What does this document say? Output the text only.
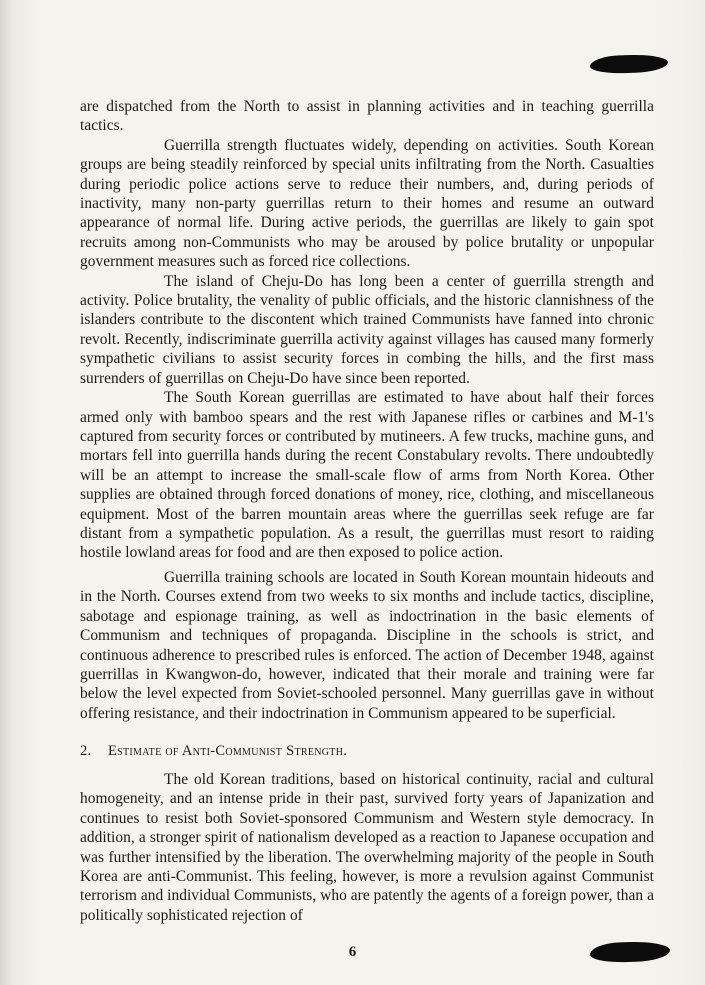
are dispatched from the North to assist in planning activities and in teaching guerrilla tactics.

Guerrilla strength fluctuates widely, depending on activities. South Korean groups are being steadily reinforced by special units infiltrating from the North. Casualties during periodic police actions serve to reduce their numbers, and, during periods of inactivity, many non-party guerrillas return to their homes and resume an outward appearance of normal life. During active periods, the guerrillas are likely to gain spot recruits among non-Communists who may be aroused by police brutality or unpopular government measures such as forced rice collections.

The island of Cheju-Do has long been a center of guerrilla strength and activity. Police brutality, the venality of public officials, and the historic clannishness of the islanders contribute to the discontent which trained Communists have fanned into chronic revolt. Recently, indiscriminate guerrilla activity against villages has caused many formerly sympathetic civilians to assist security forces in combing the hills, and the first mass surrenders of guerrillas on Cheju-Do have since been reported.

The South Korean guerrillas are estimated to have about half their forces armed only with bamboo spears and the rest with Japanese rifles or carbines and M-1's captured from security forces or contributed by mutineers. A few trucks, machine guns, and mortars fell into guerrilla hands during the recent Constabulary revolts. There undoubtedly will be an attempt to increase the small-scale flow of arms from North Korea. Other supplies are obtained through forced donations of money, rice, clothing, and miscellaneous equipment. Most of the barren mountain areas where the guerrillas seek refuge are far distant from a sympathetic population. As a result, the guerrillas must resort to raiding hostile lowland areas for food and are then exposed to police action.

Guerrilla training schools are located in South Korean mountain hideouts and in the North. Courses extend from two weeks to six months and include tactics, discipline, sabotage and espionage training, as well as indoctrination in the basic elements of Communism and techniques of propaganda. Discipline in the schools is strict, and continuous adherence to prescribed rules is enforced. The action of December 1948, against guerrillas in Kwangwon-do, however, indicated that their morale and training were far below the level expected from Soviet-schooled personnel. Many guerrillas gave in without offering resistance, and their indoctrination in Communism appeared to be superficial.

2. Estimate of Anti-Communist Strength.

The old Korean traditions, based on historical continuity, racial and cultural homogeneity, and an intense pride in their past, survived forty years of Japanization and continues to resist both Soviet-sponsored Communism and Western style democracy. In addition, a stronger spirit of nationalism developed as a reaction to Japanese occupation and was further intensified by the liberation. The overwhelming majority of the people in South Korea are anti-Communist. This feeling, however, is more a revulsion against Communist terrorism and individual Communists, who are patently the agents of a foreign power, than a politically sophisticated rejection of

6
